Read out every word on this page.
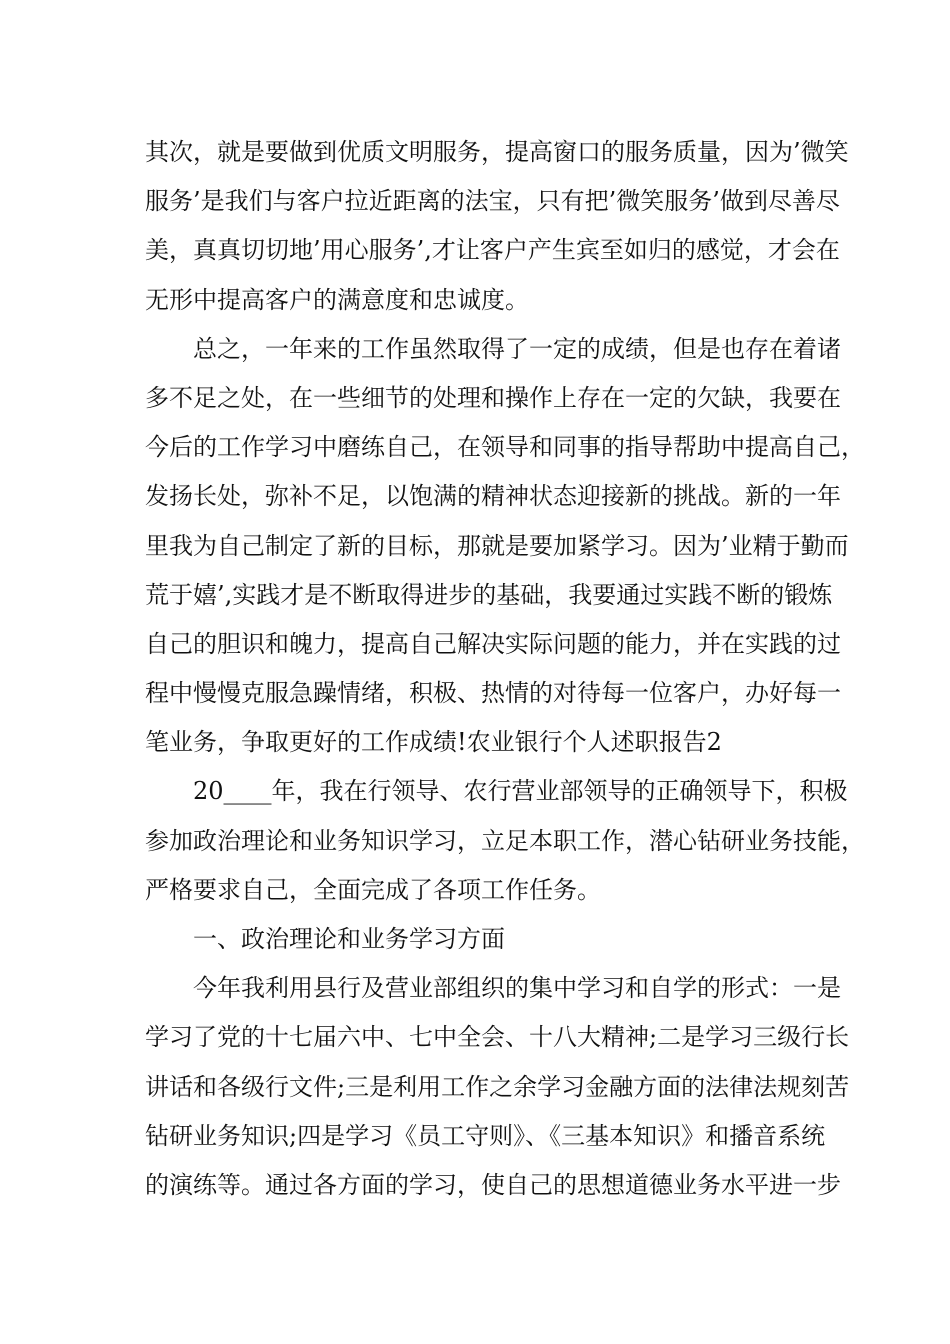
其次，就是要做到优质文明服务，提高窗口的服务质量，因为’微笑
服务’是我们与客户拉近距离的法宝，只有把’微笑服务’做到尽善尽
美，真真切切地’用心服务’,才让客户产生宾至如归的感觉，才会在
无形中提高客户的满意度和忠诚度。
总之，一年来的工作虽然取得了一定的成绩，但是也存在着诸
多不足之处，在一些细节的处理和操作上存在一定的欠缺，我要在
今后的工作学习中磨练自己，在领导和同事的指导帮助中提高自己，
发扬长处，弥补不足，以饱满的精神状态迎接新的挑战。新的一年
里我为自己制定了新的目标，那就是要加紧学习。因为’业精于勤而
荒于嬉’,实践才是不断取得进步的基础，我要通过实践不断的锻炼
自己的胆识和魄力，提高自己解决实际问题的能力，并在实践的过
程中慢慢克服急躁情绪，积极、热情的对待每一位客户，办好每一
笔业务，争取更好的工作成绩!农业银行个人述职报告2
20____年，我在行领导、农行营业部领导的正确领导下，积极
参加政治理论和业务知识学习，立足本职工作，潜心钻研业务技能，
严格要求自己，全面完成了各项工作任务。
一、政治理论和业务学习方面
今年我利用县行及营业部组织的集中学习和自学的形式：一是
学习了党的十七届六中、七中全会、十八大精神;二是学习三级行长
讲话和各级行文件;三是利用工作之余学习金融方面的法律法规刻苦
钻研业务知识;四是学习《员工守则》、《三基本知识》和播音系统
的演练等。通过各方面的学习，使自己的思想道德业务水平进一步
